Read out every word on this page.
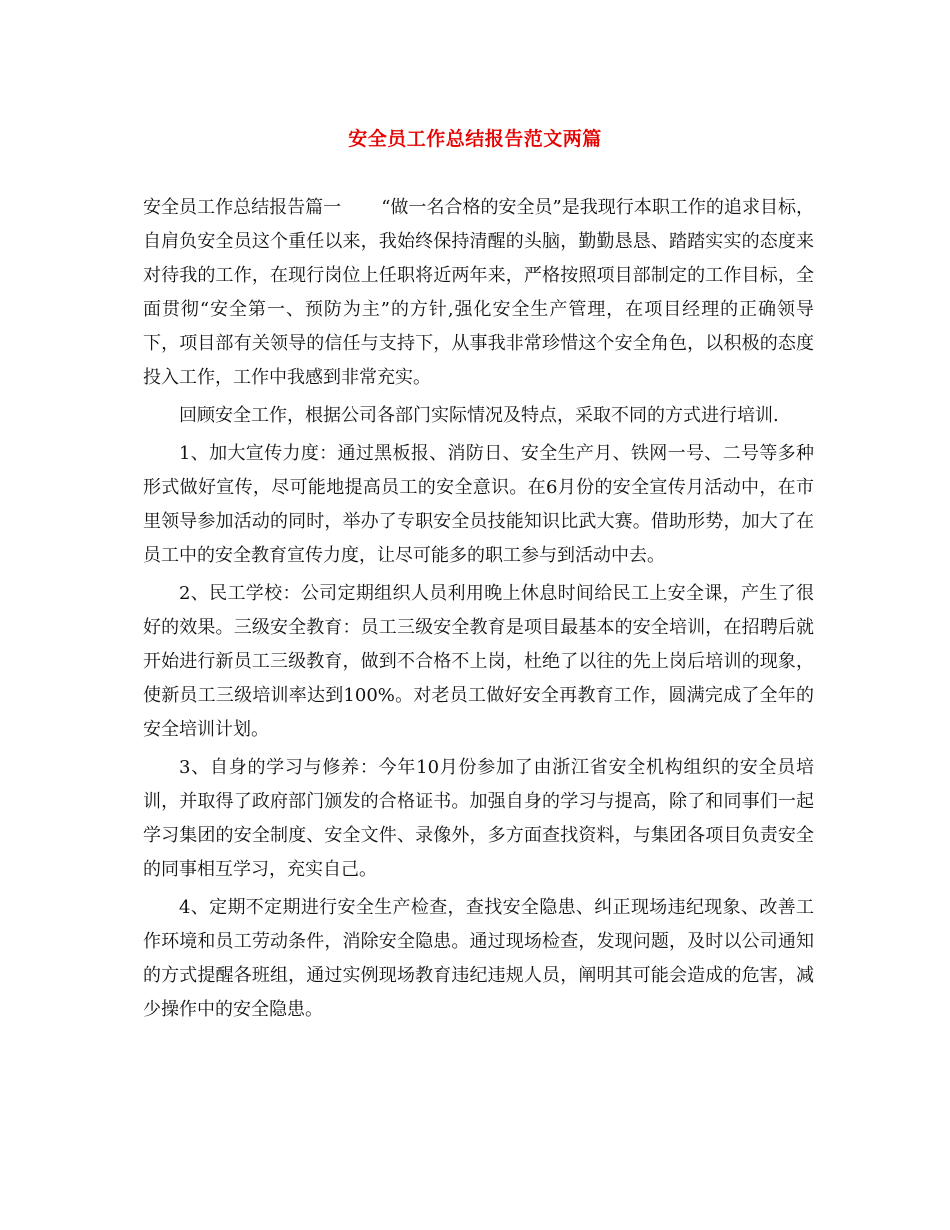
安全员工作总结报告范文两篇

安全员工作总结报告篇一 “做一名合格的安全员”是我现行本职工作的追求目标，自肩负安全员这个重任以来，我始终保持清醒的头脑，勤勤恳恳、踏踏实实的态度来对待我的工作，在现行岗位上任职将近两年来，严格按照项目部制定的工作目标，全面贯彻“安全第一、预防为主”的方针,强化安全生产管理，在项目经理的正确领导下，项目部有关领导的信任与支持下，从事我非常珍惜这个安全角色，以积极的态度投入工作，工作中我感到非常充实。

回顾安全工作，根据公司各部门实际情况及特点，采取不同的方式进行培训.

1、加大宣传力度：通过黑板报、消防日、安全生产月、铁网一号、二号等多种形式做好宣传，尽可能地提高员工的安全意识。在6月份的安全宣传月活动中，在市里领导参加活动的同时，举办了专职安全员技能知识比武大赛。借助形势，加大了在员工中的安全教育宣传力度，让尽可能多的职工参与到活动中去。

2、民工学校：公司定期组织人员利用晚上休息时间给民工上安全课，产生了很好的效果。三级安全教育：员工三级安全教育是项目最基本的安全培训，在招聘后就开始进行新员工三级教育，做到不合格不上岗，杜绝了以往的先上岗后培训的现象，使新员工三级培训率达到100%。对老员工做好安全再教育工作，圆满完成了全年的安全培训计划。

3、自身的学习与修养：今年10月份参加了由浙江省安全机构组织的安全员培训，并取得了政府部门颁发的合格证书。加强自身的学习与提高，除了和同事们一起学习集团的安全制度、安全文件、录像外，多方面查找资料，与集团各项目负责安全的同事相互学习，充实自己。

4、定期不定期进行安全生产检查，查找安全隐患、纠正现场违纪现象、改善工作环境和员工劳动条件，消除安全隐患。通过现场检查，发现问题，及时以公司通知的方式提醒各班组，通过实例现场教育违纪违规人员，阐明其可能会造成的危害，减少操作中的安全隐患。
